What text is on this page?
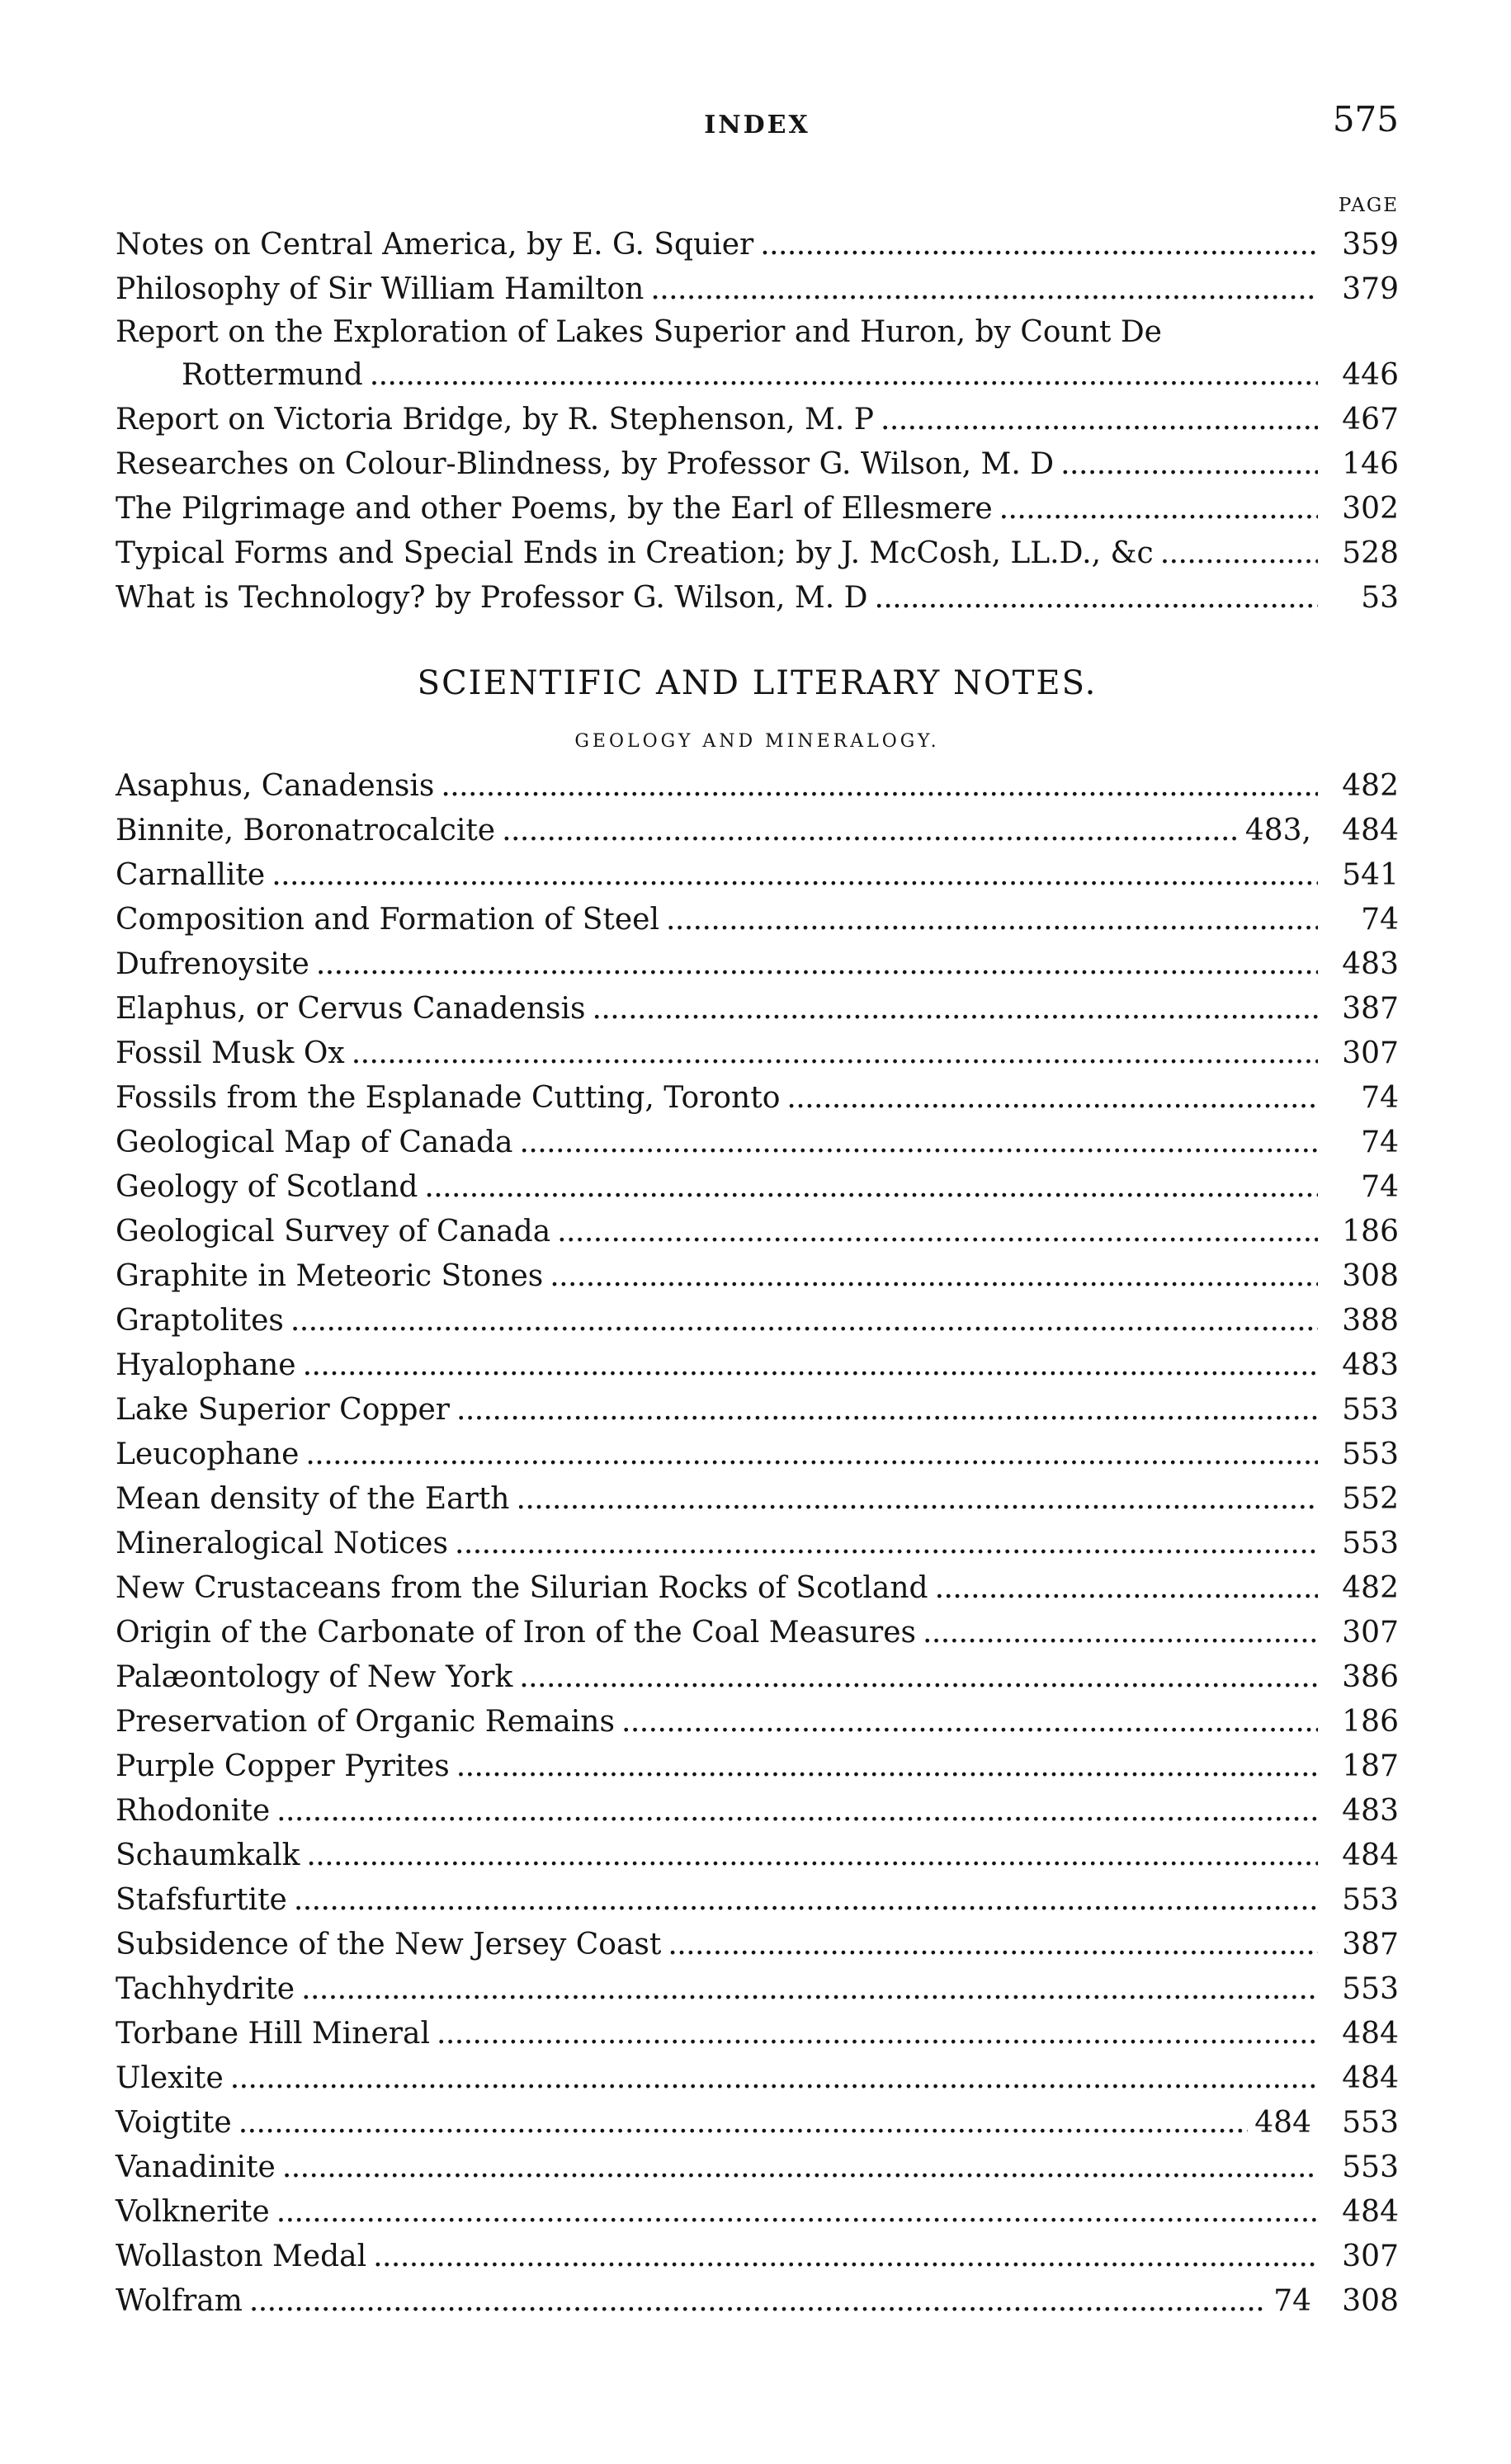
INDEX	575
PAGE
Notes on Central America, by E. G. Squier . . .	359
Philosophy of Sir William Hamilton . . .	379
Report on the Exploration of Lakes Superior and Huron, by Count De
Rottermund . . .	446
Report on Victoria Bridge, by R. Stephenson, M. P . . .	467
Researches on Colour-Blindness, by Professor G. Wilson, M. D . . .	146
The Pilgrimage and other Poems, by the Earl of Ellesmere . . .	302
Typical Forms and Special Ends in Creation; by J. McCosh, LL.D., &c . . .	528
What is Technology? by Professor G. Wilson, M. D . . .	53
SCIENTIFIC AND LITERARY NOTES.
GEOLOGY AND MINERALOGY.
Asaphus, Canadensis . . .	482
Binnite, Boronatrocalcite . . .	483,	484
Carnallite . . .	541
Composition and Formation of Steel . . .	74
Dufrenoysite . . .	483
Elaphus, or Cervus Canadensis . . .	387
Fossil Musk Ox . . .	307
Fossils from the Esplanade Cutting, Toronto . . .	74
Geological Map of Canada . . .	74
Geology of Scotland . . .	74
Geological Survey of Canada . . .	186
Graphite in Meteoric Stones . . .	308
Graptolites . . .	388
Hyalophane . . .	483
Lake Superior Copper . . .	553
Leucophane . . .	553
Mean density of the Earth . . .	552
Mineralogical Notices . . .	553
New Crustaceans from the Silurian Rocks of Scotland . . .	482
Origin of the Carbonate of Iron of the Coal Measures . . .	307
Palæontology of New York . . .	386
Preservation of Organic Remains . . .	186
Purple Copper Pyrites . . .	187
Rhodonite . . .	483
Schaumkalk . . .	484
Stafsfurtite . . .	553
Subsidence of the New Jersey Coast . . .	387
Tachhydrite . . .	553
Torbane Hill Mineral . . .	484
Ulexite . . .	484
Voigtite . . .	484	553
Vanadinite . . .	553
Volknerite . . .	484
Wollaston Medal . . .	307
Wolfram . . .	74	308
